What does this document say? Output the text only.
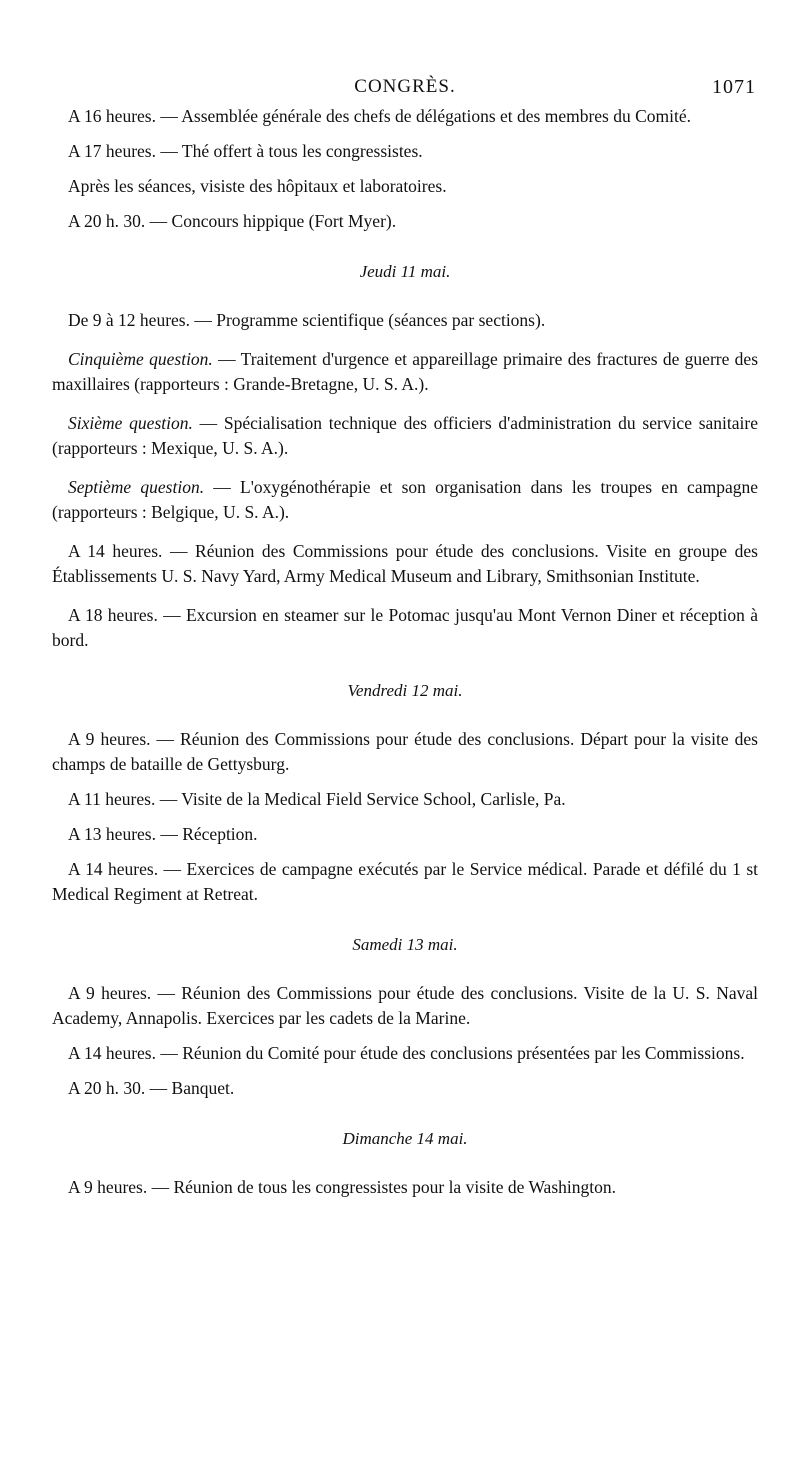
CONGRÈS.	1071

A 16 heures. — Assemblée générale des chefs de délégations et des membres du Comité.

A 17 heures. — Thé offert à tous les congressistes.

Après les séances, visiste des hôpitaux et laboratoires.

A 20 h. 30. — Concours hippique (Fort Myer).

Jeudi 11 mai.

De 9 à 12 heures. — Programme scientifique (séances par sections).

Cinquième question. — Traitement d'urgence et appareillage primaire des fractures de guerre des maxillaires (rapporteurs : Grande-Bretagne, U. S. A.).

Sixième question. — Spécialisation technique des officiers d'administration du service sanitaire (rapporteurs : Mexique, U. S. A.).

Septième question. — L'oxygénothérapie et son organisation dans les troupes en campagne (rapporteurs : Belgique, U. S. A.).

A 14 heures. — Réunion des Commissions pour étude des conclusions. Visite en groupe des Établissements U. S. Navy Yard, Army Medical Museum and Library, Smithsonian Institute.

A 18 heures. — Excursion en steamer sur le Potomac jusqu'au Mont Vernon Diner et réception à bord.

Vendredi 12 mai.

A 9 heures. — Réunion des Commissions pour étude des conclusions. Départ pour la visite des champs de bataille de Gettysburg.

A 11 heures. — Visite de la Medical Field Service School, Carlisle, Pa.

A 13 heures. — Réception.

A 14 heures. — Exercices de campagne exécutés par le Service médical. Parade et défilé du 1 st Medical Regiment at Retreat.

Samedi 13 mai.

A 9 heures. — Réunion des Commissions pour étude des conclusions. Visite de la U. S. Naval Academy, Annapolis. Exercices par les cadets de la Marine.

A 14 heures. — Réunion du Comité pour étude des conclusions présentées par les Commissions.

A 20 h. 30. — Banquet.

Dimanche 14 mai.

A 9 heures. — Réunion de tous les congressistes pour la visite de Washington.
